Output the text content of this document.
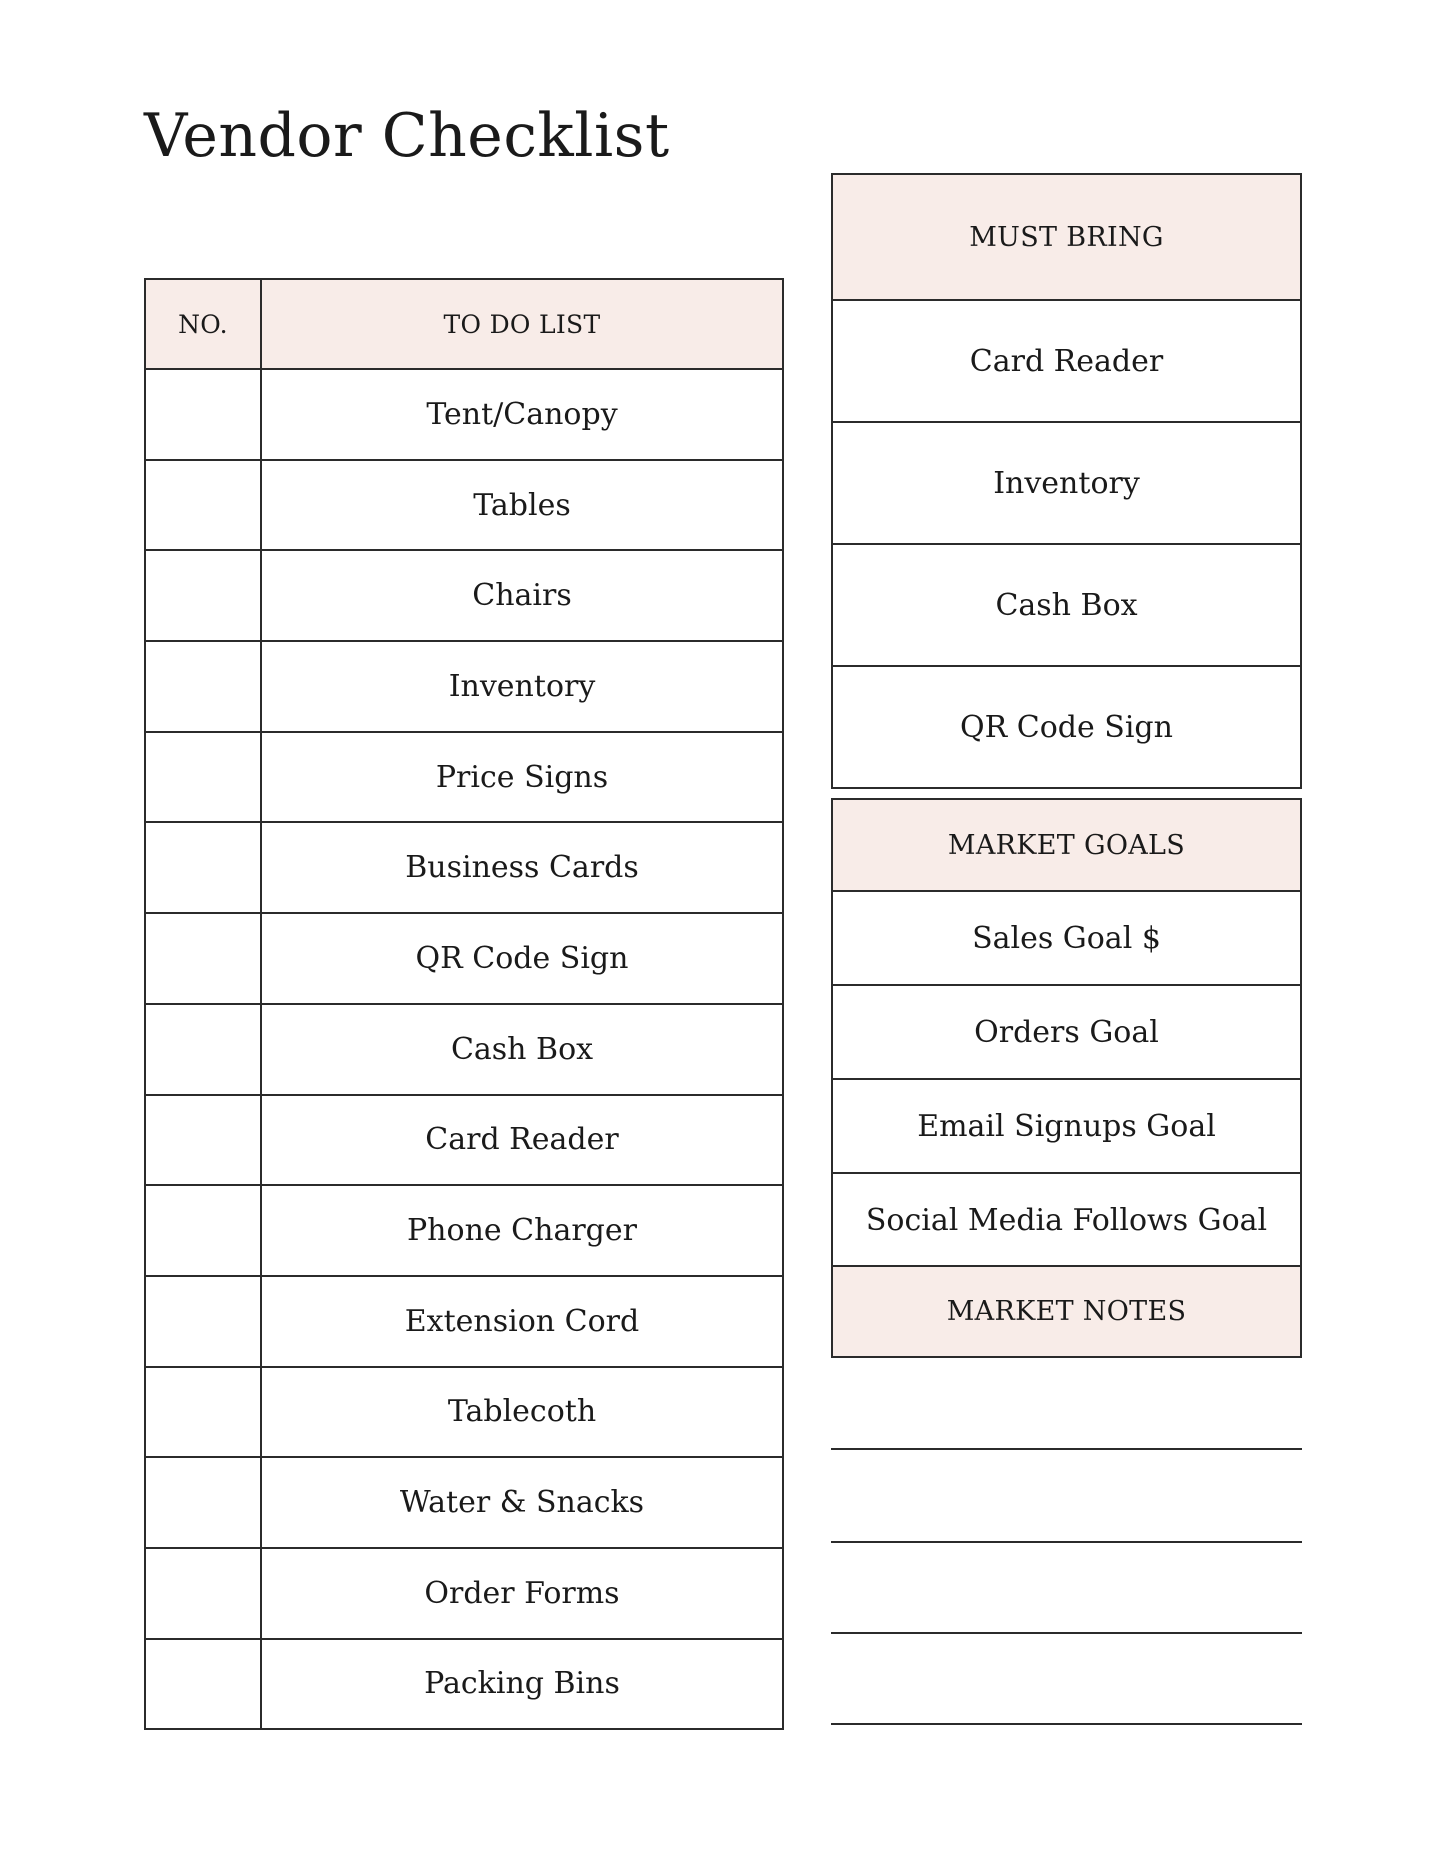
Vendor Checklist
NO.	TO DO LIST
	Tent/Canopy
	Tables
	Chairs
	Inventory
	Price Signs
	Business Cards
	QR Code Sign
	Cash Box
	Card Reader
	Phone Charger
	Extension Cord
	Tablecoth
	Water & Snacks
	Order Forms
	Packing Bins
MUST BRING
Card Reader
Inventory
Cash Box
QR Code Sign
MARKET GOALS
Sales Goal $
Orders Goal
Email Signups Goal
Social Media Follows Goal
MARKET NOTES
